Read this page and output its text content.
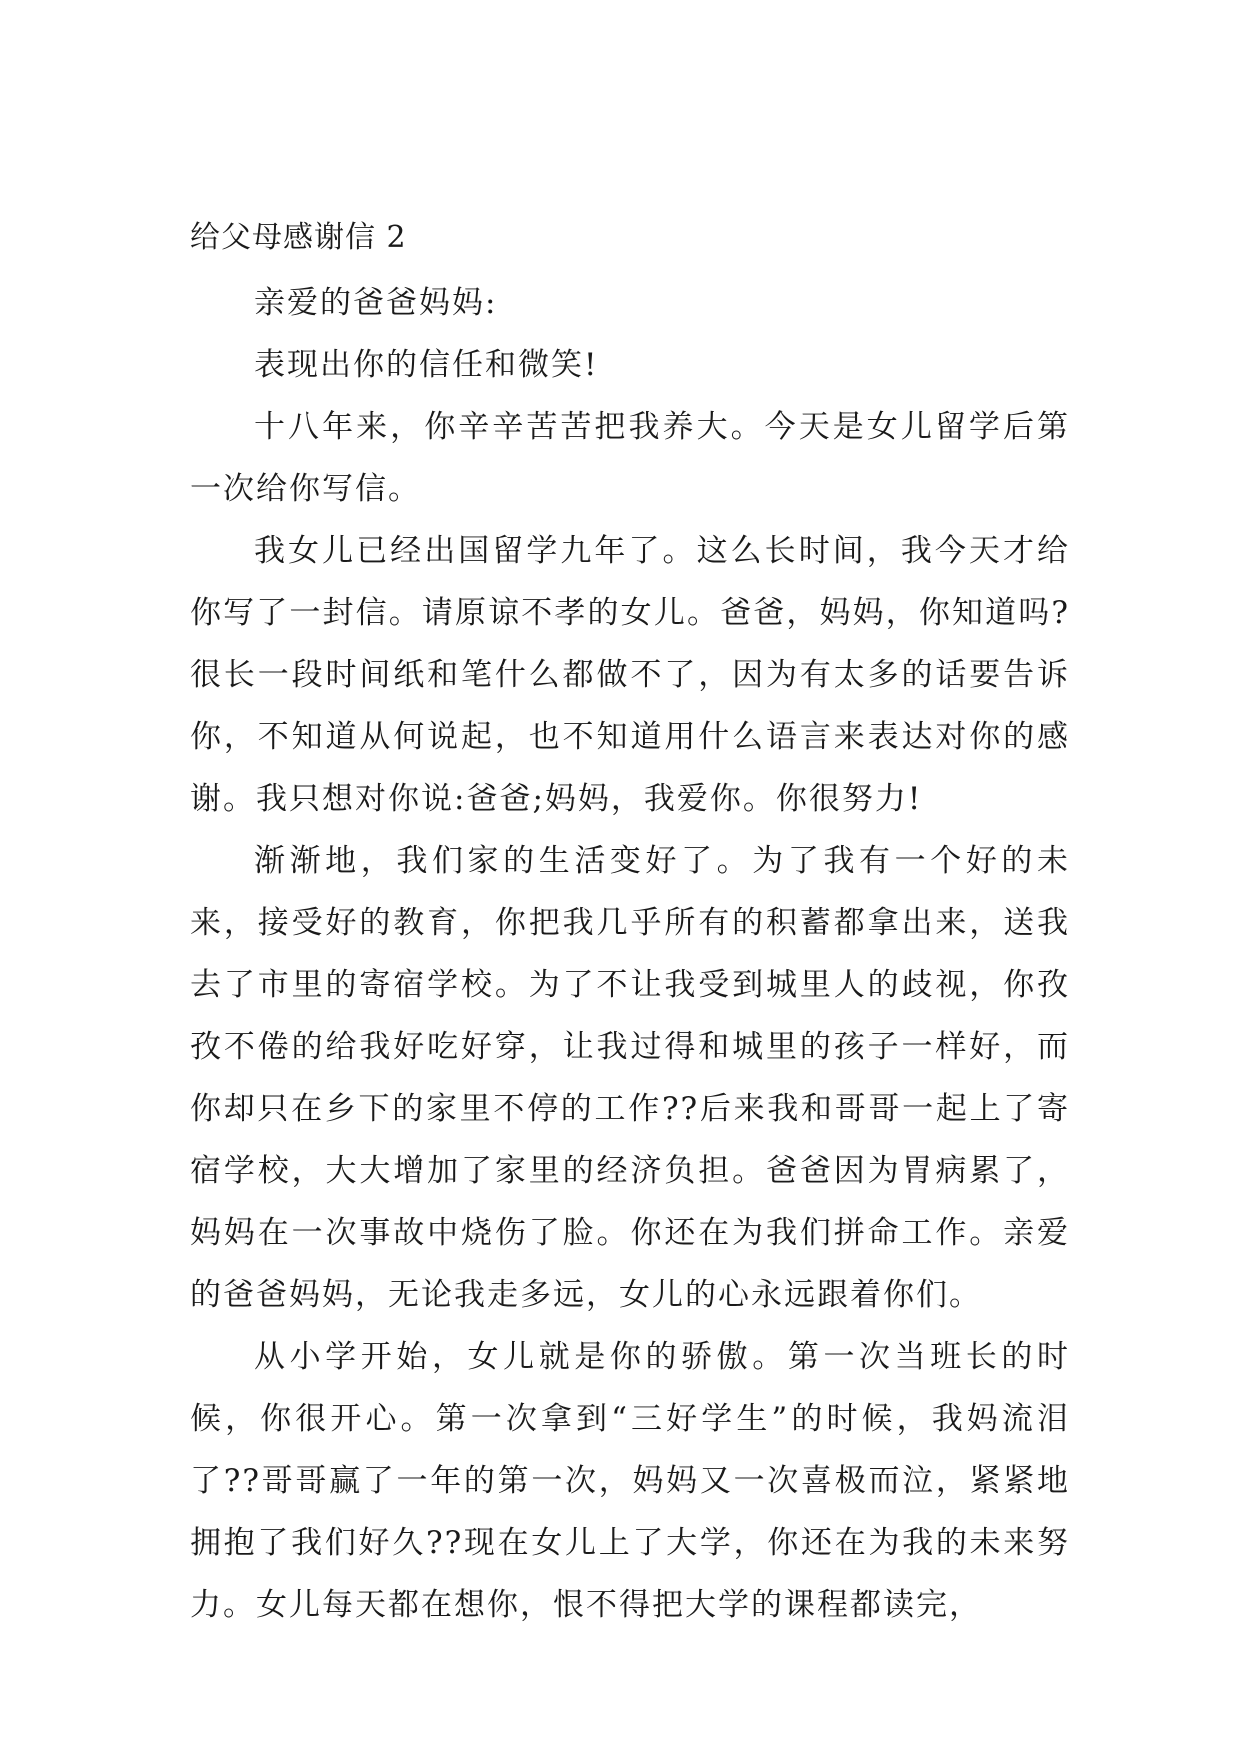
给父母感谢信 2

亲爱的爸爸妈妈:

表现出你的信任和微笑!

十八年来，你辛辛苦苦把我养大。今天是女儿留学后第一次给你写信。

我女儿已经出国留学九年了。这么长时间，我今天才给你写了一封信。请原谅不孝的女儿。爸爸，妈妈，你知道吗?很长一段时间纸和笔什么都做不了，因为有太多的话要告诉你，不知道从何说起，也不知道用什么语言来表达对你的感谢。我只想对你说:爸爸;妈妈，我爱你。你很努力!

渐渐地，我们家的生活变好了。为了我有一个好的未来，接受好的教育，你把我几乎所有的积蓄都拿出来，送我去了市里的寄宿学校。为了不让我受到城里人的歧视，你孜孜不倦的给我好吃好穿，让我过得和城里的孩子一样好，而你却只在乡下的家里不停的工作??后来我和哥哥一起上了寄宿学校，大大增加了家里的经济负担。爸爸因为胃病累了，妈妈在一次事故中烧伤了脸。你还在为我们拼命工作。亲爱的爸爸妈妈，无论我走多远，女儿的心永远跟着你们。

从小学开始，女儿就是你的骄傲。第一次当班长的时候，你很开心。第一次拿到“三好学生”的时候，我妈流泪了??哥哥赢了一年的第一次，妈妈又一次喜极而泣，紧紧地拥抱了我们好久??现在女儿上了大学，你还在为我的未来努力。女儿每天都在想你，恨不得把大学的课程都读完，
